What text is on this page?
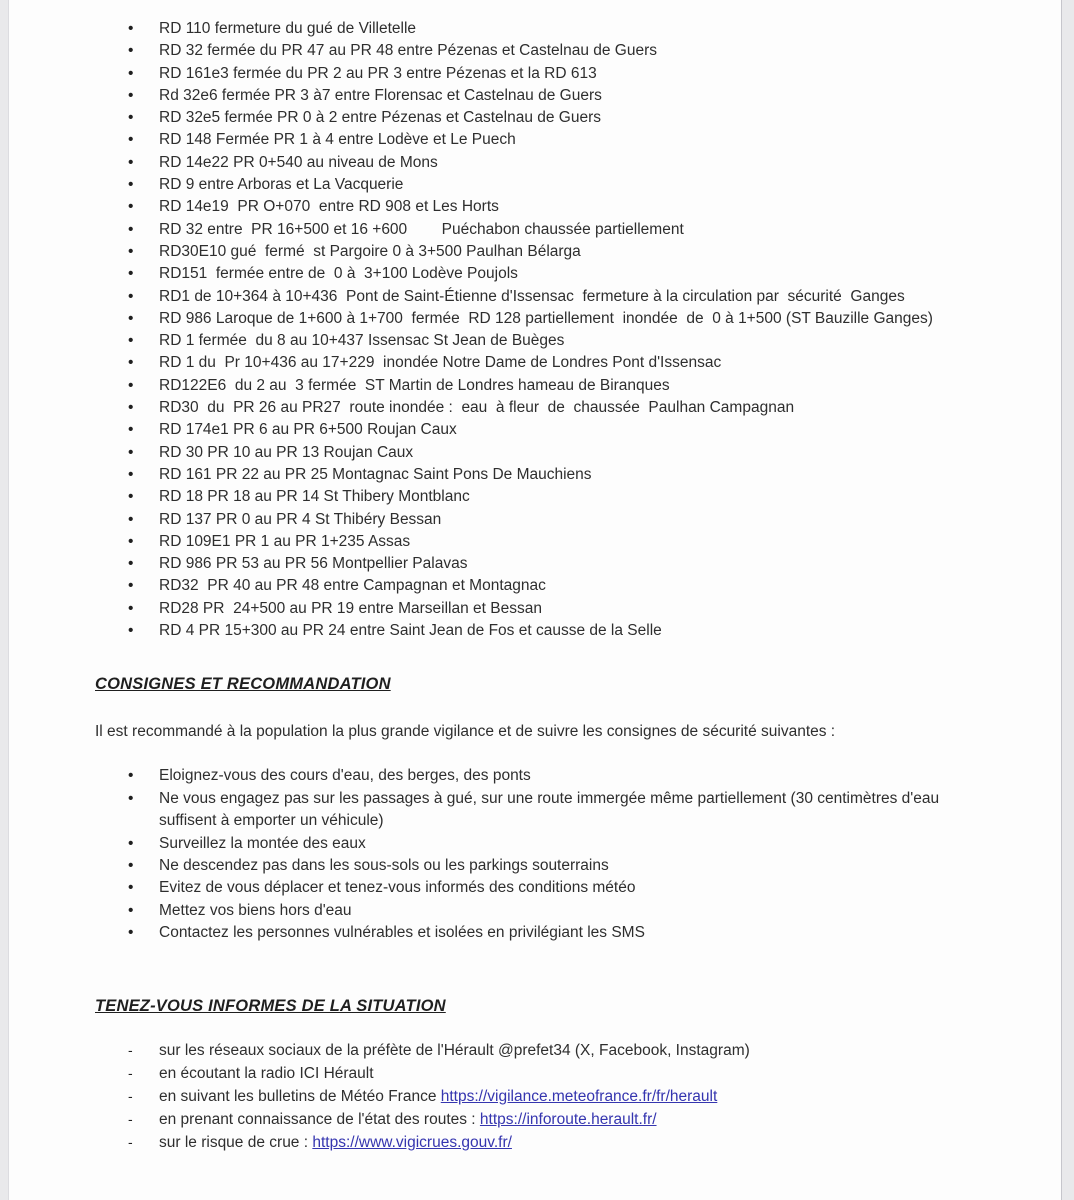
•	RD 110 fermeture du gué de Villetelle
•	RD 32 fermée du PR 47 au PR 48 entre Pézenas et Castelnau de Guers
•	RD 161e3 fermée du PR 2 au PR 3 entre Pézenas et la RD 613
•	Rd 32e6 fermée PR 3 à7 entre Florensac et Castelnau de Guers
•	RD 32e5 fermée PR 0 à 2 entre Pézenas et Castelnau de Guers
•	RD 148 Fermée PR 1 à 4 entre Lodève et Le Puech
•	RD 14e22 PR 0+540 au niveau de Mons
•	RD 9 entre Arboras et La Vacquerie
•	RD 14e19  PR O+070  entre RD 908 et Les Horts
•	RD 32 entre  PR 16+500 et 16 +600        Puéchabon chaussée partiellement
•	RD30E10 gué  fermé  st Pargoire 0 à 3+500 Paulhan Bélarga
•	RD151  fermée entre de  0 à  3+100 Lodève Poujols
•	RD1 de 10+364 à 10+436  Pont de Saint-Étienne d'Issensac  fermeture à la circulation par  sécurité  Ganges
•	RD 986 Laroque de 1+600 à 1+700  fermée  RD 128 partiellement  inondée  de  0 à 1+500 (ST Bauzille Ganges)
•	RD 1 fermée  du 8 au 10+437 Issensac St Jean de Buèges
•	RD 1 du  Pr 10+436 au 17+229  inondée Notre Dame de Londres Pont d'Issensac
•	RD122E6  du 2 au  3 fermée  ST Martin de Londres hameau de Biranques
•	RD30  du  PR 26 au PR27  route inondée :  eau  à fleur  de  chaussée  Paulhan Campagnan
•	RD 174e1 PR 6 au PR 6+500 Roujan Caux
•	RD 30 PR 10 au PR 13 Roujan Caux
•	RD 161 PR 22 au PR 25 Montagnac Saint Pons De Mauchiens
•	RD 18 PR 18 au PR 14 St Thibery Montblanc
•	RD 137 PR 0 au PR 4 St Thibéry Bessan
•	RD 109E1 PR 1 au PR 1+235 Assas
•	RD 986 PR 53 au PR 56 Montpellier Palavas
•	RD32  PR 40 au PR 48 entre Campagnan et Montagnac
•	RD28 PR  24+500 au PR 19 entre Marseillan et Bessan
•	RD 4 PR 15+300 au PR 24 entre Saint Jean de Fos et causse de la Selle
CONSIGNES ET RECOMMANDATION

Il est recommandé à la population la plus grande vigilance et de suivre les consignes de sécurité suivantes :

•	Eloignez-vous des cours d'eau, des berges, des ponts
•	Ne vous engagez pas sur les passages à gué, sur une route immergée même partiellement (30 centimètres d'eau suffisent à emporter un véhicule)
•	Surveillez la montée des eaux
•	Ne descendez pas dans les sous-sols ou les parkings souterrains
•	Evitez de vous déplacer et tenez-vous informés des conditions météo
•	Mettez vos biens hors d'eau
•	Contactez les personnes vulnérables et isolées en privilégiant les SMS
TENEZ-VOUS INFORMES DE LA SITUATION
-	sur les réseaux sociaux de la préfète de l'Hérault @prefet34 (X, Facebook, Instagram)
-	en écoutant la radio ICI Hérault
-	en suivant les bulletins de Météo France https://vigilance.meteofrance.fr/fr/herault
-	en prenant connaissance de l'état des routes : https://inforoute.herault.fr/
-	sur le risque de crue : https://www.vigicrues.gouv.fr/
